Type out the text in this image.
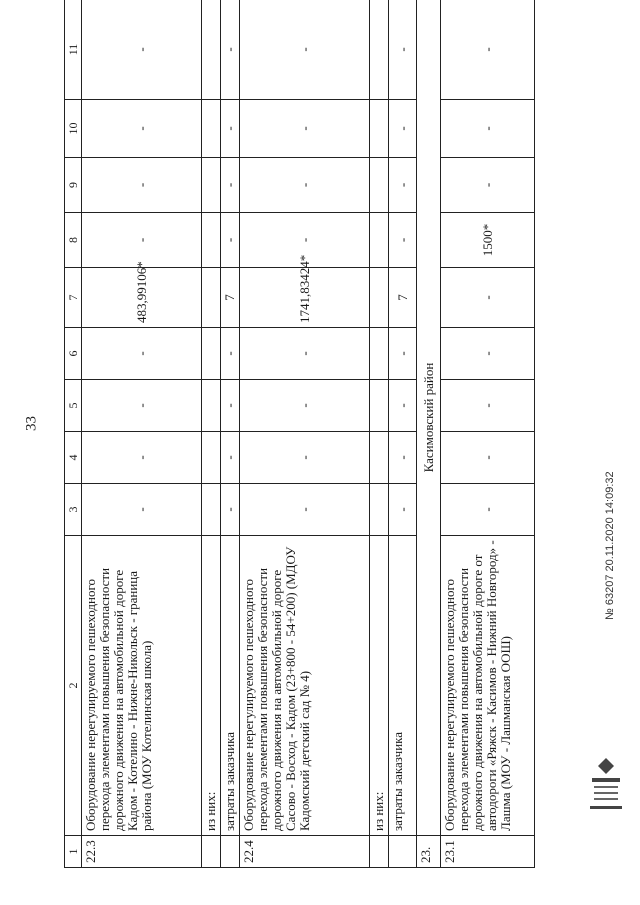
33
1	2	3	4	5	6	7	8	9	10	11
22.3	Оборудование нерегулируемого пешеходного перехода элементами повышения безопасности дорожного движения на автомобильной дороге Кадом - Котелино - Нижне-Никольск - граница района (МОУ Котелинская школа)	-	-	-	-	483,99106*	-	-	-	-
	из них:									
	затраты заказчика	-	-	-	-	7	-	-	-	-
22.4	Оборудование нерегулируемого пешеходного перехода элементами повышения безопасности дорожного движения на автомобильной дороге Сасово - Восход - Кадом (23+800 - 54+200) (МДОУ Кадомский детский сад № 4)	-	-	-	-	1741,83424*	-	-	-	-
	из них:									
	затраты заказчика	-	-	-	-	7	-	-	-	-
23.	Касимовский район									
23.1	Оборудование нерегулируемого пешеходного перехода элементами повышения безопасности дорожного движения на автомобильной дороге от автодороги «Ряжск - Касимов - Нижний Новгород» - Лашма (МОУ - Лашманская ООШ)	-	-	-	-	-	1500*	-	-	-
№ 63207 20.11.2020 14:09:32
